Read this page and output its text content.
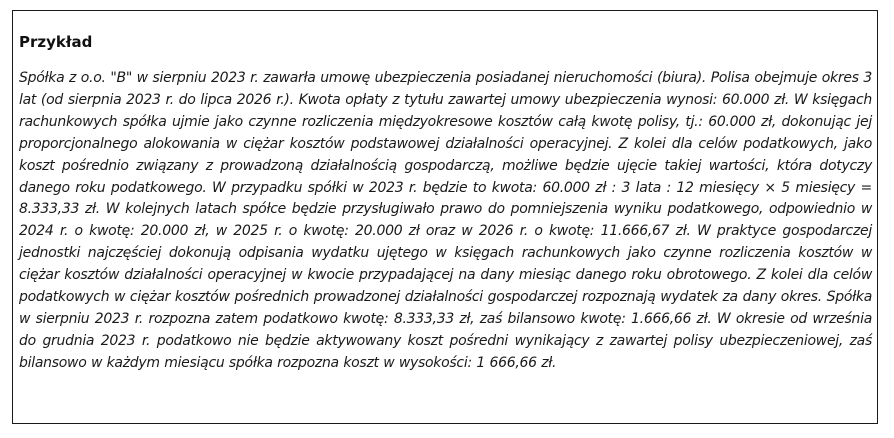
Przykład

Spółka z o.o. "B" w sierpniu 2023 r. zawarła umowę ubezpieczenia posiadanej nieruchomości (biura). Polisa obejmuje okres 3 lat (od sierpnia 2023 r. do lipca 2026 r.). Kwota opłaty z tytułu zawartej umowy ubezpieczenia wynosi: 60.000 zł. W księgach rachunkowych spółka ujmie jako czynne rozliczenia międzyokresowe kosztów całą kwotę polisy, tj.: 60.000 zł, dokonując jej proporcjonalnego alokowania w ciężar kosztów podstawowej działalności operacyjnej. Z kolei dla celów podatkowych, jako koszt pośrednio związany z prowadzoną działalnością gospodarczą, możliwe będzie ujęcie takiej wartości, która dotyczy danego roku podatkowego. W przypadku spółki w 2023 r. będzie to kwota: 60.000 zł : 3 lata : 12 miesięcy × 5 miesięcy = 8.333,33 zł. W kolejnych latach spółce będzie przysługiwało prawo do pomniejszenia wyniku podatkowego, odpowiednio w 2024 r. o kwotę: 20.000 zł, w 2025 r. o kwotę: 20.000 zł oraz w 2026 r. o kwotę: 11.666,67 zł. W praktyce gospodarczej jednostki najczęściej dokonują odpisania wydatku ujętego w księgach rachunkowych jako czynne rozliczenia kosztów w ciężar kosztów działalności operacyjnej w kwocie przypadającej na dany miesiąc danego roku obrotowego. Z kolei dla celów podatkowych w ciężar kosztów pośrednich prowadzonej działalności gospodarczej rozpoznają wydatek za dany okres. Spółka w sierpniu 2023 r. rozpozna zatem podatkowo kwotę: 8.333,33 zł, zaś bilansowo kwotę: 1.666,66 zł. W okresie od września do grudnia 2023 r. podatkowo nie będzie aktywowany koszt pośredni wynikający z zawartej polisy ubezpieczeniowej, zaś bilansowo w każdym miesiącu spółka rozpozna koszt w wysokości: 1 666,66 zł.
